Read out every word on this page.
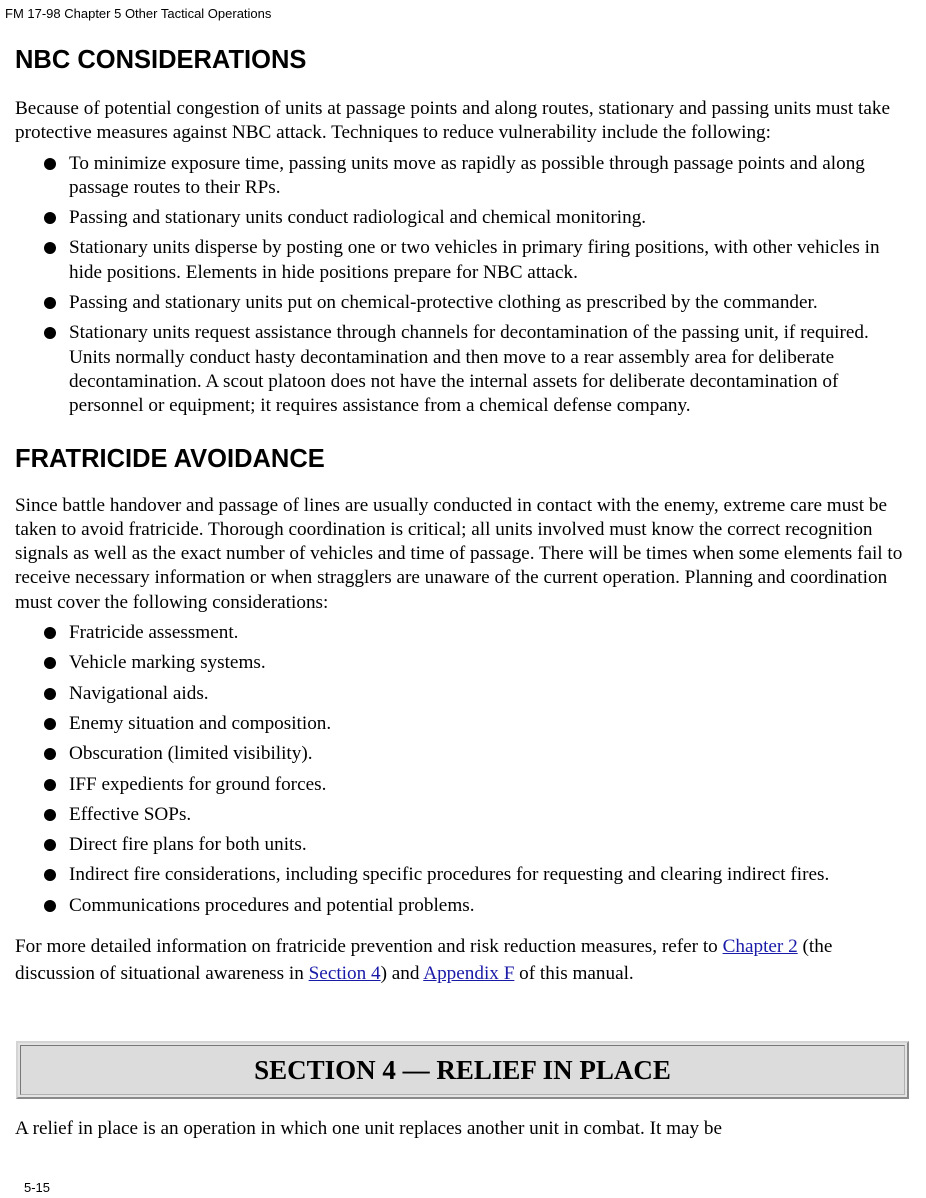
FM 17-98 Chapter 5 Other Tactical Operations
NBC CONSIDERATIONS

Because of potential congestion of units at passage points and along routes, stationary and passing units must take protective measures against NBC attack. Techniques to reduce vulnerability include the following:

To minimize exposure time, passing units move as rapidly as possible through passage points and along passage routes to their RPs.
Passing and stationary units conduct radiological and chemical monitoring.
Stationary units disperse by posting one or two vehicles in primary firing positions, with other vehicles in hide positions. Elements in hide positions prepare for NBC attack.
Passing and stationary units put on chemical-protective clothing as prescribed by the commander.
Stationary units request assistance through channels for decontamination of the passing unit, if required. Units normally conduct hasty decontamination and then move to a rear assembly area for deliberate decontamination. A scout platoon does not have the internal assets for deliberate decontamination of personnel or equipment; it requires assistance from a chemical defense company.
FRATRICIDE AVOIDANCE

Since battle handover and passage of lines are usually conducted in contact with the enemy, extreme care must be taken to avoid fratricide. Thorough coordination is critical; all units involved must know the correct recognition signals as well as the exact number of vehicles and time of passage. There will be times when some elements fail to receive necessary information or when stragglers are unaware of the current operation. Planning and coordination must cover the following considerations:

Fratricide assessment.
Vehicle marking systems.
Navigational aids.
Enemy situation and composition.
Obscuration (limited visibility).
IFF expedients for ground forces.
Effective SOPs.
Direct fire plans for both units.
Indirect fire considerations, including specific procedures for requesting and clearing indirect fires.
Communications procedures and potential problems.

For more detailed information on fratricide prevention and risk reduction measures, refer to Chapter 2 (the discussion of situational awareness in Section 4) and Appendix F of this manual.

SECTION 4 — RELIEF IN PLACE

A relief in place is an operation in which one unit replaces another unit in combat. It may be

5-15
